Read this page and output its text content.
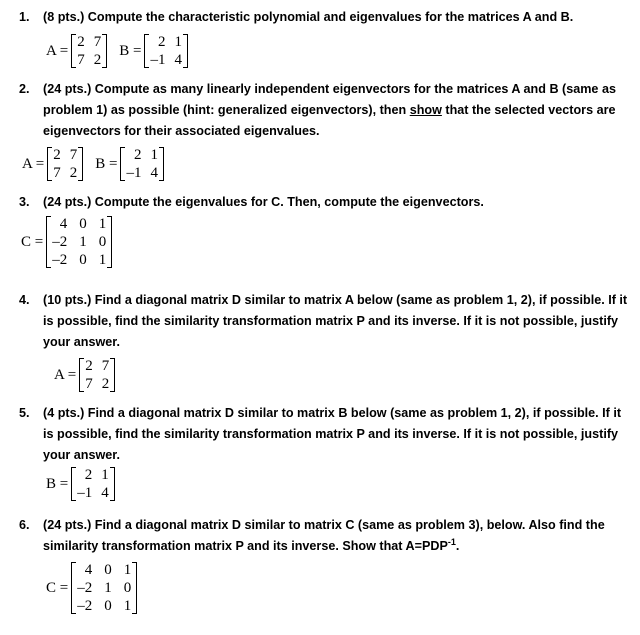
1. (8 pts.) Compute the characteristic polynomial and eigenvalues for the matrices A and B.
A =
2 7
7 2
B =
2 1
–1 4
2. (24 pts.) Compute as many linearly independent eigenvectors for the matrices A and B (same as problem 1) as possible (hint: generalized eigenvectors), then show that the selected vectors are eigenvectors for their associated eigenvalues.
A =
2 7
7 2
B =
2 1
–1 4
3. (24 pts.) Compute the eigenvalues for C. Then, compute the eigenvectors.
C =
4 0 1
–2 1 0
–2 0 1
4. (10 pts.) Find a diagonal matrix D similar to matrix A below (same as problem 1, 2), if possible. If it is possible, find the similarity transformation matrix P and its inverse. If it is not possible, justify your answer.
A =
2 7
7 2
5. (4 pts.) Find a diagonal matrix D similar to matrix B below (same as problem 1, 2), if possible. If it is possible, find the similarity transformation matrix P and its inverse. If it is not possible, justify your answer.
B =
2 1
–1 4
6. (24 pts.) Find a diagonal matrix D similar to matrix C (same as problem 3), below. Also find the similarity transformation matrix P and its inverse. Show that $A=PDP^{-1}$.
C =
4 0 1
–2 1 0
–2 0 1
